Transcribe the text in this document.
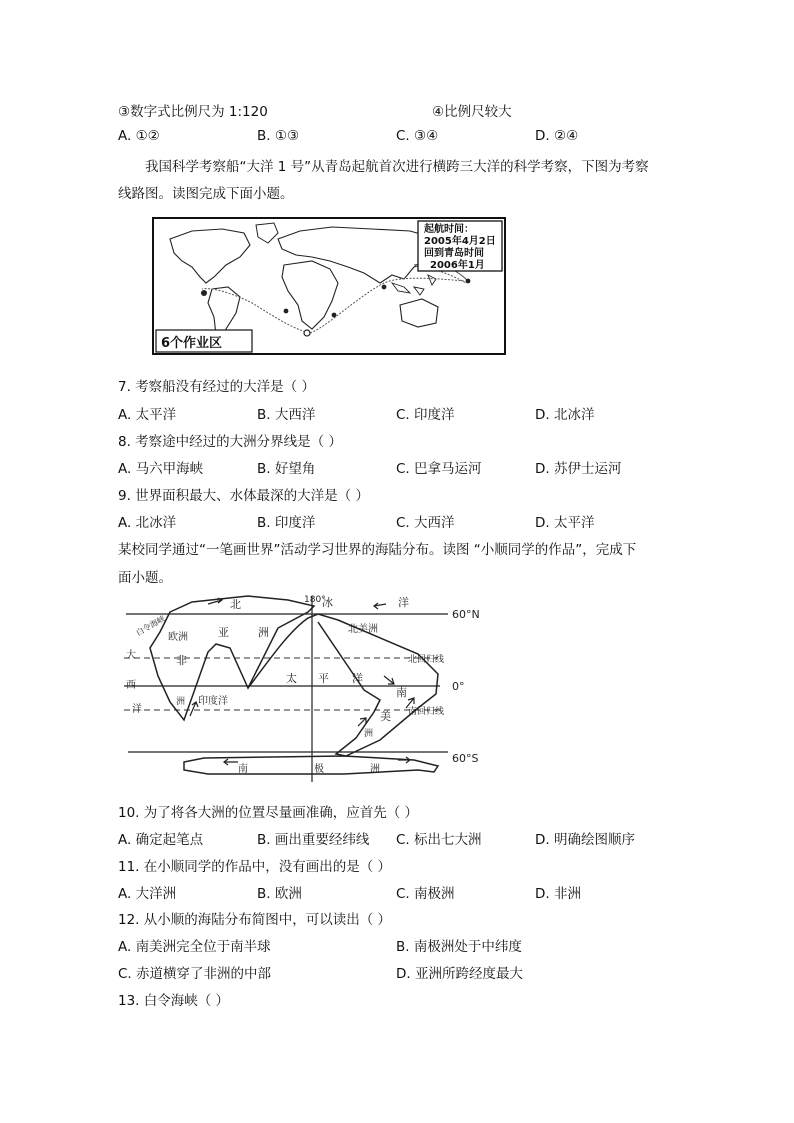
③数字式比例尺为 1:120	④比例尺较大
A. ①②	B. ①③	C. ③④	D. ②④
我国科学考察船“大洋 1 号”从青岛起航首次进行横跨三大洋的科学考察，下图为考察
线路图。读图完成下面小题。
起航时间：
2005年4月2日
回到青岛时间
2006年1月
6个作业区
7. 考察船没有经过的大洋是（ ）
A. 太平洋	B. 大西洋	C. 印度洋	D. 北冰洋
8. 考察途中经过的大洲分界线是（ ）
A. 马六甲海峡	B. 好望角	C. 巴拿马运河	D. 苏伊士运河
9. 世界面积最大、水体最深的大洋是（ ）
A. 北冰洋	B. 印度洋	C. 大西洋	D. 太平洋
某校同学通过“一笔画世界”活动学习世界的海陆分布。读图 “小顺同学的作品”，完成下
面小题。
60°N
0°
60°S
180°
北回归线
南回归线
北	冰	洋
亚	洲
欧洲
白令海峡	北美洲
太 平 洋
南
美
洲
大
西
洋
非
洲 印度洋
南	极	洲
10. 为了将各大洲的位置尽量画准确，应首先（ ）
A. 确定起笔点	B. 画出重要经纬线 C. 标出七大洲	D. 明确绘图顺序
11. 在小顺同学的作品中，没有画出的是（ ）
A. 大洋洲	B. 欧洲	C. 南极洲	D. 非洲
12. 从小顺的海陆分布简图中，可以读出（ ）
A. 南美洲完全位于南半球	B. 南极洲处于中纬度
C. 赤道横穿了非洲的中部	D. 亚洲所跨经度最大
13. 白令海峡（ ）
